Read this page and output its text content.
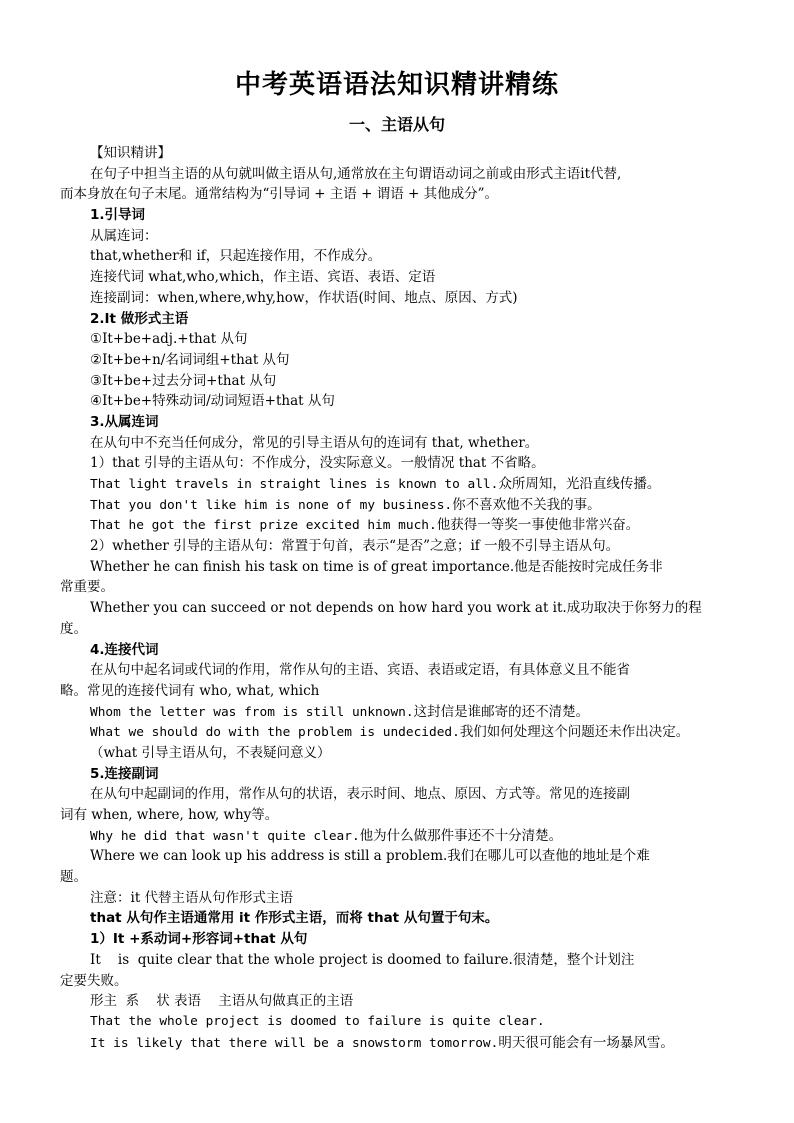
中考英语语法知识精讲精练
一、主语从句
【知识精讲】
在句子中担当主语的从句就叫做主语从句,通常放在主句谓语动词之前或由形式主语it代替,
而本身放在句子末尾。通常结构为“引导词 + 主语 + 谓语 + 其他成分”。
1.引导词
从属连词：
that,whether和 if，只起连接作用，不作成分。
连接代词 what,who,which，作主语、宾语、表语、定语
连接副词：when,where,why,how，作状语(时间、地点、原因、方式)
2.It 做形式主语
①It+be+adj.+that 从句
②It+be+n/名词词组+that 从句
③It+be+过去分词+that 从句
④It+be+特殊动词/动词短语+that 从句
3.从属连词
在从句中不充当任何成分，常见的引导主语从句的连词有 that, whether。
1）that 引导的主语从句：不作成分，没实际意义。一般情况 that 不省略。
That light travels in straight lines is known to all.众所周知，光沿直线传播。
That you don't like him is none of my business.你不喜欢他不关我的事。
That he got the first prize excited him much.他获得一等奖一事使他非常兴奋。
2）whether 引导的主语从句：常置于句首，表示“是否”之意；if 一般不引导主语从句。
Whether he can finish his task on time is of great importance.他是否能按时完成任务非
常重要。
Whether you can succeed or not depends on how hard you work at it.成功取决于你努力的程
度。
4.连接代词
在从句中起名词或代词的作用，常作从句的主语、宾语、表语或定语，有具体意义且不能省
略。常见的连接代词有 who, what, which
Whom the letter was from is still unknown.这封信是谁邮寄的还不清楚。
What we should do with the problem is undecided.我们如何处理这个问题还未作出决定。
（what 引导主语从句，不表疑问意义）
5.连接副词
在从句中起副词的作用，常作从句的状语，表示时间、地点、原因、方式等。常见的连接副
词有 when, where, how, why等。
Why he did that wasn't quite clear.他为什么做那件事还不十分清楚。
Where we can look up his address is still a problem.我们在哪儿可以查他的地址是个难
题。
注意：it 代替主语从句作形式主语
that 从句作主语通常用 it 作形式主语，而将 that 从句置于句末。
1）It +系动词+形容词+that 从句
It    is  quite clear that the whole project is doomed to failure.很清楚，整个计划注
定要失败。
形主  系    状 表语    主语从句做真正的主语
That the whole project is doomed to failure is quite clear.
It is likely that there will be a snowstorm tomorrow.明天很可能会有一场暴风雪。
